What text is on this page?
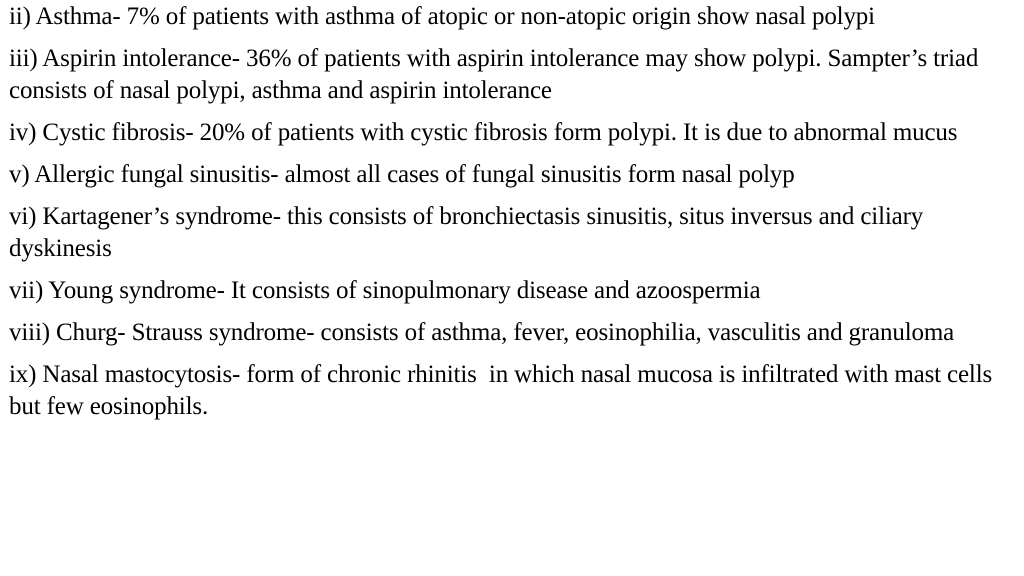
ii) Asthma- 7% of patients with asthma of atopic or non-atopic origin show nasal polypi
iii) Aspirin intolerance- 36% of patients with aspirin intolerance may show polypi. Sampter’s triad consists of nasal polypi, asthma and aspirin intolerance
iv) Cystic fibrosis- 20% of patients with cystic fibrosis form polypi. It is due to abnormal mucus
v) Allergic fungal sinusitis- almost all cases of fungal sinusitis form nasal polyp
vi) Kartagener’s syndrome- this consists of bronchiectasis sinusitis, situs inversus and ciliary dyskinesis
vii) Young syndrome- It consists of sinopulmonary disease and azoospermia
viii) Churg- Strauss syndrome- consists of asthma, fever, eosinophilia, vasculitis and granuloma
ix) Nasal mastocytosis- form of chronic rhinitis  in which nasal mucosa is infiltrated with mast cells but few eosinophils.
